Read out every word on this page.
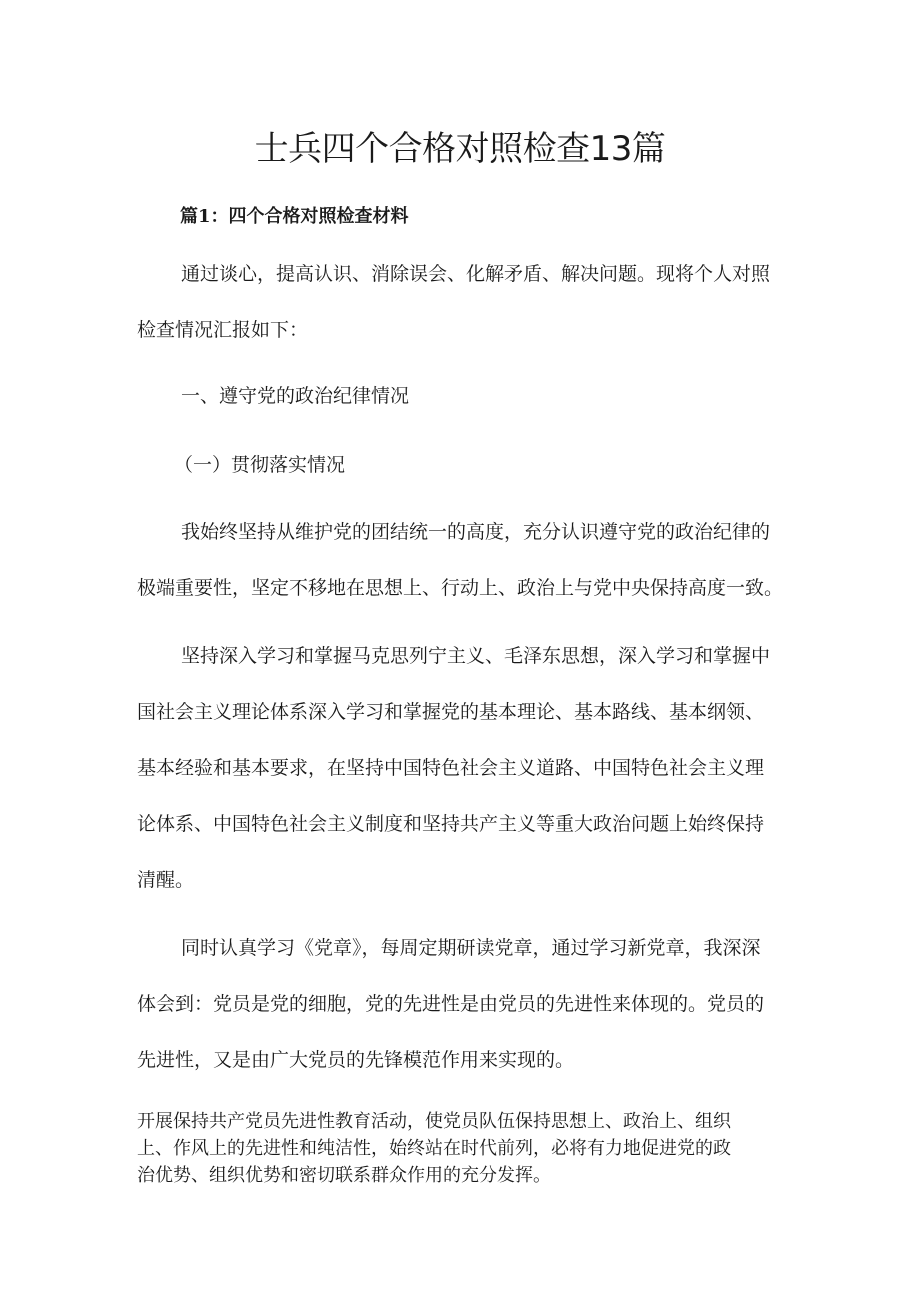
士兵四个合格对照检查13篇
篇1：四个合格对照检查材料
通过谈心，提高认识、消除误会、化解矛盾、解决问题。现将个人对照
检查情况汇报如下：
一、遵守党的政治纪律情况
（一）贯彻落实情况
我始终坚持从维护党的团结统一的高度，充分认识遵守党的政治纪律的
极端重要性，坚定不移地在思想上、行动上、政治上与党中央保持高度一致。
坚持深入学习和掌握马克思列宁主义、毛泽东思想，深入学习和掌握中
国社会主义理论体系深入学习和掌握党的基本理论、基本路线、基本纲领、
基本经验和基本要求，在坚持中国特色社会主义道路、中国特色社会主义理
论体系、中国特色社会主义制度和坚持共产主义等重大政治问题上始终保持
清醒。
同时认真学习《党章》，每周定期研读党章，通过学习新党章，我深深
体会到：党员是党的细胞，党的先进性是由党员的先进性来体现的。党员的
先进性，又是由广大党员的先锋模范作用来实现的。
开展保持共产党员先进性教育活动，使党员队伍保持思想上、政治上、组织
上、作风上的先进性和纯洁性，始终站在时代前列，必将有力地促进党的政
治优势、组织优势和密切联系群众作用的充分发挥。
